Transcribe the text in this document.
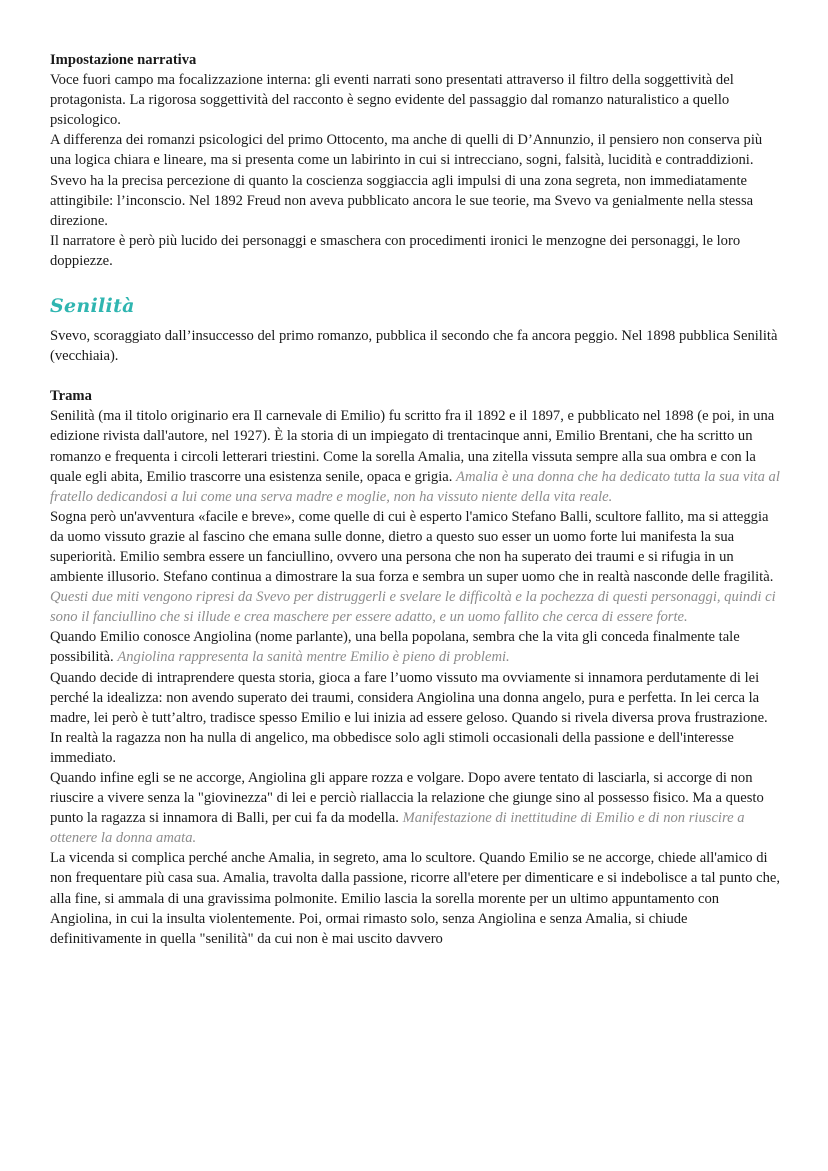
Impostazione narrativa

Voce fuori campo ma focalizzazione interna: gli eventi narrati sono presentati attraverso il filtro della soggettività del protagonista. La rigorosa soggettività del racconto è segno evidente del passaggio dal romanzo naturalistico a quello psicologico.

A differenza dei romanzi psicologici del primo Ottocento, ma anche di quelli di D’Annunzio, il pensiero non conserva più una logica chiara e lineare, ma si presenta come un labirinto in cui si intrecciano, sogni, falsità, lucidità e contraddizioni. Svevo ha la precisa percezione di quanto la coscienza soggiaccia agli impulsi di una zona segreta, non immediatamente attingibile: l’inconscio. Nel 1892 Freud non aveva pubblicato ancora le sue teorie, ma Svevo va genialmente nella stessa direzione.

Il narratore è però più lucido dei personaggi e smaschera con procedimenti ironici le menzogne dei personaggi, le loro doppiezze.

Senilità

Svevo, scoraggiato dall’insuccesso del primo romanzo, pubblica il secondo che fa ancora peggio. Nel 1898 pubblica Senilità (vecchiaia).

Trama

Senilità (ma il titolo originario era Il carnevale di Emilio) fu scritto fra il 1892 e il 1897, e pubblicato nel 1898 (e poi, in una edizione rivista dall'autore, nel 1927). È la storia di un impiegato di trentacinque anni, Emilio Brentani, che ha scritto un romanzo e frequenta i circoli letterari triestini. Come la sorella Amalia, una zitella vissuta sempre alla sua ombra e con la quale egli abita, Emilio trascorre una esistenza senile, opaca e grigia. Amalia è una donna che ha dedicato tutta la sua vita al fratello dedicandosi a lui come una serva madre e moglie, non ha vissuto niente della vita reale.

Sogna però un'avventura «facile e breve», come quelle di cui è esperto l'amico Stefano Balli, scultore fallito, ma si atteggia da uomo vissuto grazie al fascino che emana sulle donne, dietro a questo suo esser un uomo forte lui manifesta la sua superiorità. Emilio sembra essere un fanciullino, ovvero una persona che non ha superato dei traumi e si rifugia in un ambiente illusorio. Stefano continua a dimostrare la sua forza e sembra un super uomo che in realtà nasconde delle fragilità. Questi due miti vengono ripresi da Svevo per distruggerli e svelare le difficoltà e la pochezza di questi personaggi, quindi ci sono il fanciullino che si illude e crea maschere per essere adatto, e un uomo fallito che cerca di essere forte.

Quando Emilio conosce Angiolina (nome parlante), una bella popolana, sembra che la vita gli conceda finalmente tale possibilità. Angiolina rappresenta la sanità mentre Emilio è pieno di problemi.

Quando decide di intraprendere questa storia, gioca a fare l’uomo vissuto ma ovviamente si innamora perdutamente di lei perché la idealizza: non avendo superato dei traumi, considera Angiolina una donna angelo, pura e perfetta. In lei cerca la madre, lei però è tutt’altro, tradisce spesso Emilio e lui inizia ad essere geloso. Quando si rivela diversa prova frustrazione. In realtà la ragazza non ha nulla di angelico, ma obbedisce solo agli stimoli occasionali della passione e dell'interesse immediato.

Quando infine egli se ne accorge, Angiolina gli appare rozza e volgare. Dopo avere tentato di lasciarla, si accorge di non riuscire a vivere senza la "giovinezza" di lei e perciò riallaccia la relazione che giunge sino al possesso fisico. Ma a questo punto la ragazza si innamora di Balli, per cui fa da modella. Manifestazione di inettitudine di Emilio e di non riuscire a ottenere la donna amata.

La vicenda si complica perché anche Amalia, in segreto, ama lo scultore. Quando Emilio se ne accorge, chiede all'amico di non frequentare più casa sua. Amalia, travolta dalla passione, ricorre all'etere per dimenticare e si indebolisce a tal punto che, alla fine, si ammala di una gravissima polmonite. Emilio lascia la sorella morente per un ultimo appuntamento con Angiolina, in cui la insulta violentemente. Poi, ormai rimasto solo, senza Angiolina e senza Amalia, si chiude definitivamente in quella "senilità" da cui non è mai uscito davvero
